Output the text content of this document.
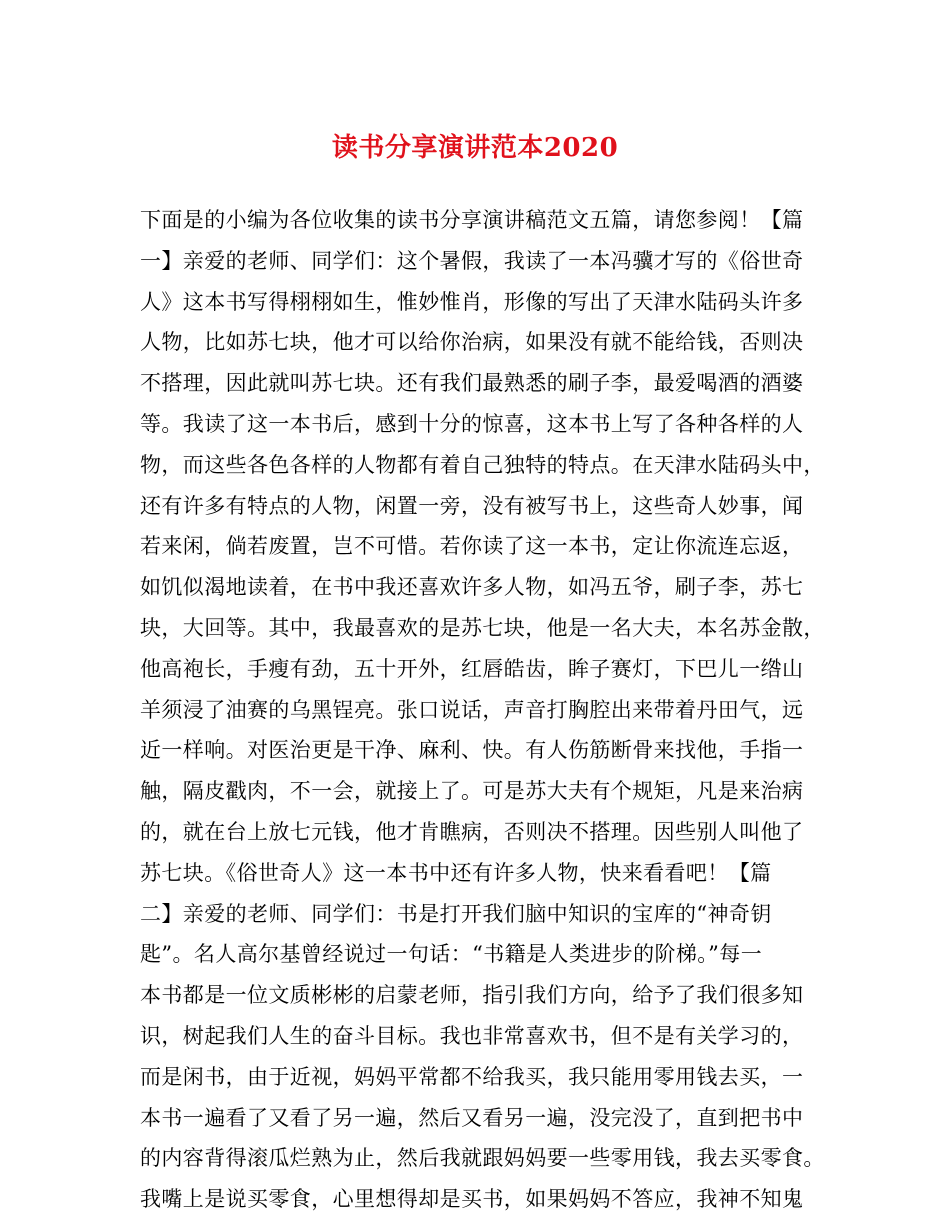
读书分享演讲范本2020
下面是的小编为各位收集的读书分享演讲稿范文五篇，请您参阅！【篇
一】亲爱的老师、同学们：这个暑假，我读了一本冯骥才写的《俗世奇
人》这本书写得栩栩如生，惟妙惟肖，形像的写出了天津水陆码头许多
人物，比如苏七块，他才可以给你治病，如果没有就不能给钱，否则决
不搭理，因此就叫苏七块。还有我们最熟悉的刷子李，最爱喝酒的酒婆
等。我读了这一本书后，感到十分的惊喜，这本书上写了各种各样的人
物，而这些各色各样的人物都有着自己独特的特点。在天津水陆码头中，
还有许多有特点的人物，闲置一旁，没有被写书上，这些奇人妙事，闻
若来闲，倘若废置，岂不可惜。若你读了这一本书，定让你流连忘返，
如饥似渴地读着，在书中我还喜欢许多人物，如冯五爷，刷子李，苏七
块，大回等。其中，我最喜欢的是苏七块，他是一名大夫，本名苏金散，
他高袍长，手瘦有劲，五十开外，红唇皓齿，眸子赛灯，下巴儿一绺山
羊须浸了油赛的乌黑锃亮。张口说话，声音打胸腔出来带着丹田气，远
近一样响。对医治更是干净、麻利、快。有人伤筋断骨来找他，手指一
触，隔皮戳肉，不一会，就接上了。可是苏大夫有个规矩，凡是来治病
的，就在台上放七元钱，他才肯瞧病，否则决不搭理。因些别人叫他了
苏七块。《俗世奇人》这一本书中还有许多人物，快来看看吧！【篇
二】亲爱的老师、同学们：书是打开我们脑中知识的宝库的“神奇钥
匙”。名人高尔基曾经说过一句话：“书籍是人类进步的阶梯。”每一
本书都是一位文质彬彬的启蒙老师，指引我们方向，给予了我们很多知
识，树起我们人生的奋斗目标。我也非常喜欢书，但不是有关学习的，
而是闲书，由于近视，妈妈平常都不给我买，我只能用零用钱去买，一
本书一遍看了又看了另一遍，然后又看另一遍，没完没了，直到把书中
的内容背得滚瓜烂熟为止，然后我就跟妈妈要一些零用钱，我去买零食。
我嘴上是说买零食，心里想得却是买书，如果妈妈不答应，我神不知鬼
